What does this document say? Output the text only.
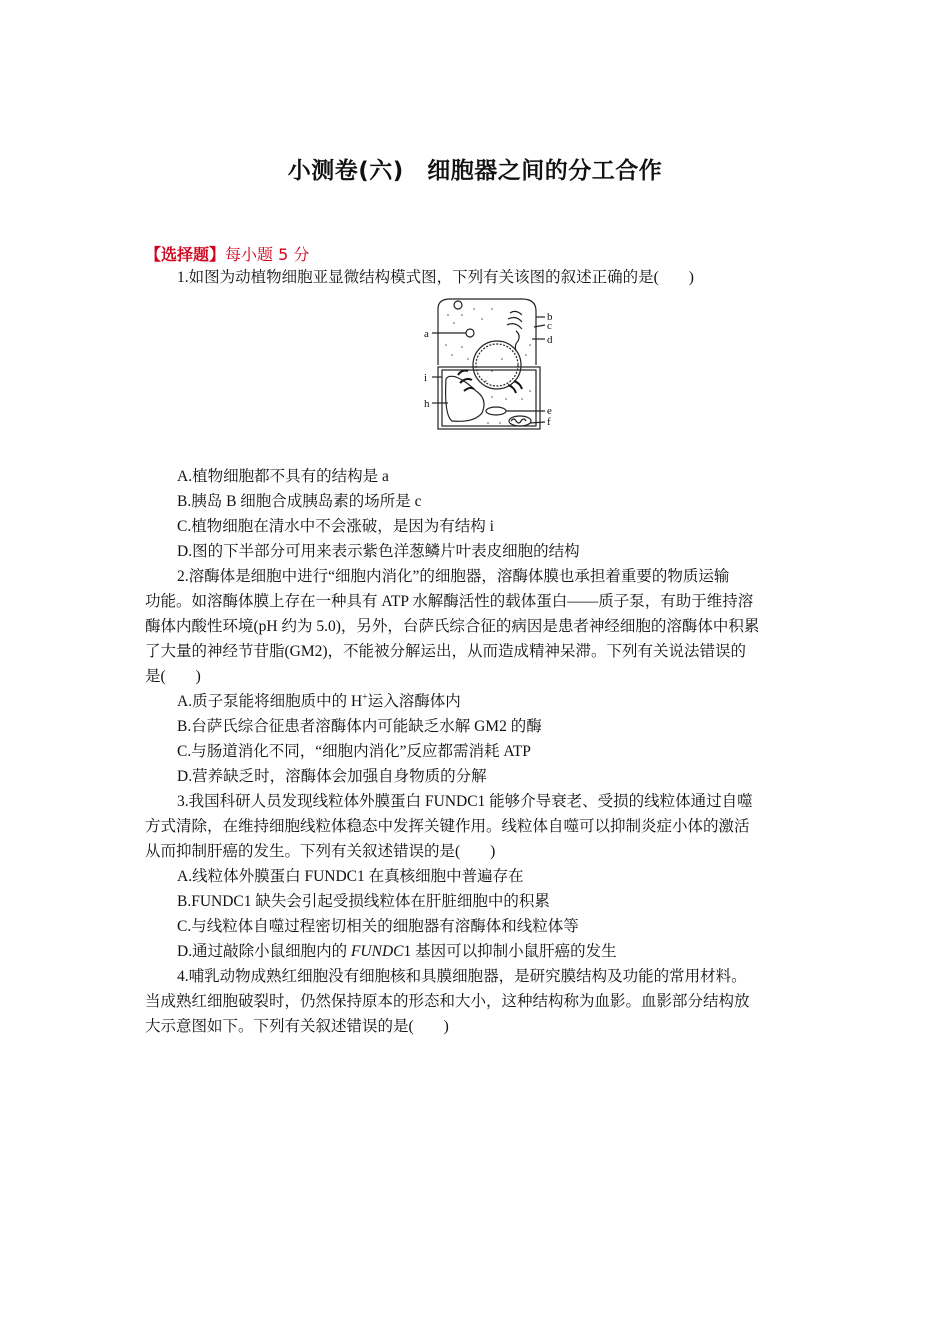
小测卷(六)　细胞器之间的分工合作
【选择题】每小题 5 分
1.如图为动植物细胞亚显微结构模式图，下列有关该图的叙述正确的是( )
a
b
c
d
i
h
e
f
A.植物细胞都不具有的结构是 a
B.胰岛 B 细胞合成胰岛素的场所是 c
C.植物细胞在清水中不会涨破，是因为有结构 i
D.图的下半部分可用来表示紫色洋葱鳞片叶表皮细胞的结构
2.溶酶体是细胞中进行“细胞内消化”的细胞器，溶酶体膜也承担着重要的物质运输
功能。如溶酶体膜上存在一种具有 ATP 水解酶活性的载体蛋白——质子泵，有助于维持溶
酶体内酸性环境(pH 约为 5.0)，另外，台萨氏综合征的病因是患者神经细胞的溶酶体中积累
了大量的神经节苷脂(GM2)，不能被分解运出，从而造成精神呆滞。下列有关说法错误的
是( )
A.质子泵能将细胞质中的 H+运入溶酶体内
B.台萨氏综合征患者溶酶体内可能缺乏水解 GM2 的酶
C.与肠道消化不同，“细胞内消化”反应都需消耗 ATP
D.营养缺乏时，溶酶体会加强自身物质的分解
3.我国科研人员发现线粒体外膜蛋白 FUNDC1 能够介导衰老、受损的线粒体通过自噬
方式清除，在维持细胞线粒体稳态中发挥关键作用。线粒体自噬可以抑制炎症小体的激活
从而抑制肝癌的发生。下列有关叙述错误的是( )
A.线粒体外膜蛋白 FUNDC1 在真核细胞中普遍存在
B.FUNDC1 缺失会引起受损线粒体在肝脏细胞中的积累
C.与线粒体自噬过程密切相关的细胞器有溶酶体和线粒体等
D.通过敲除小鼠细胞内的 FUNDC1 基因可以抑制小鼠肝癌的发生
4.哺乳动物成熟红细胞没有细胞核和具膜细胞器，是研究膜结构及功能的常用材料。
当成熟红细胞破裂时，仍然保持原本的形态和大小，这种结构称为血影。血影部分结构放
大示意图如下。下列有关叙述错误的是( )
